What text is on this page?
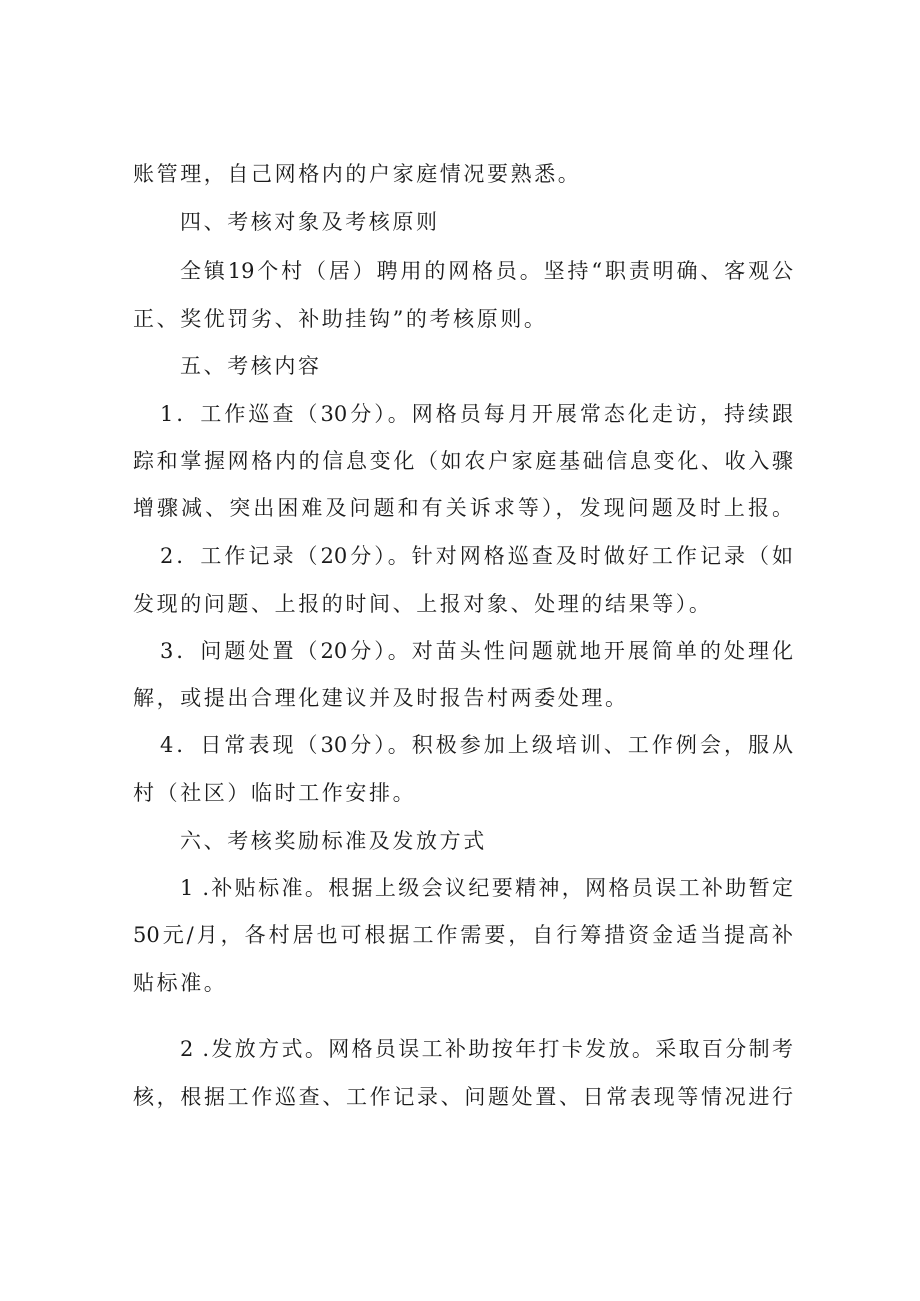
账管理，自己网格内的户家庭情况要熟悉。
四、考核对象及考核原则
全镇19个村（居）聘用的网格员。坚持“职责明确、客观公
正、奖优罚劣、补助挂钩”的考核原则。
五、考核内容
1．工作巡查（30分）。网格员每月开展常态化走访，持续跟
踪和掌握网格内的信息变化（如农户家庭基础信息变化、收入骤
增骤减、突出困难及问题和有关诉求等），发现问题及时上报。
2．工作记录（20分）。针对网格巡查及时做好工作记录（如
发现的问题、上报的时间、上报对象、处理的结果等）。
3．问题处置（20分）。对苗头性问题就地开展简单的处理化
解，或提出合理化建议并及时报告村两委处理。
4．日常表现（30分）。积极参加上级培训、工作例会，服从
村（社区）临时工作安排。
六、考核奖励标准及发放方式
1 .补贴标准。根据上级会议纪要精神，网格员误工补助暂定
50元/月，各村居也可根据工作需要，自行筹措资金适当提高补
贴标准。
2 .发放方式。网格员误工补助按年打卡发放。采取百分制考
核，根据工作巡查、工作记录、问题处置、日常表现等情况进行
